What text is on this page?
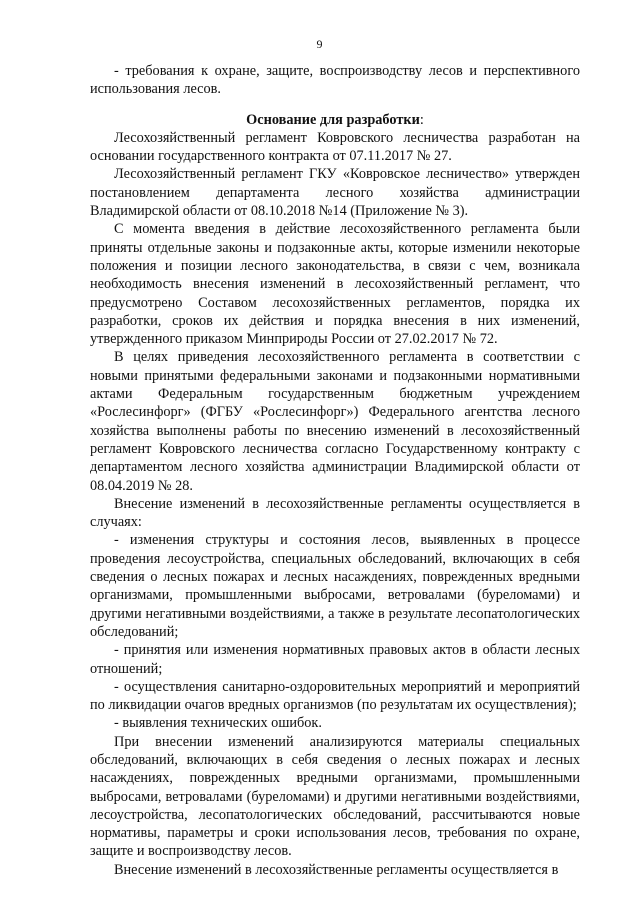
9

- требования к охране, защите, воспроизводству лесов и перспективного использования лесов.

Основание для разработки:

Лесохозяйственный регламент Ковровского лесничества разработан на основании государственного контракта от 07.11.2017 № 27.

Лесохозяйственный регламент ГКУ «Ковровское лесничество» утвержден постановлением департамента лесного хозяйства администрации Владимирской области от 08.10.2018 №14 (Приложение № 3).

С момента введения в действие лесохозяйственного регламента были приняты отдельные законы и подзаконные акты, которые изменили некоторые положения и позиции лесного законодательства, в связи с чем, возникала необходимость внесения изменений в лесохозяйственный регламент, что предусмотрено Составом лесохозяйственных регламентов, порядка их разработки, сроков их действия и порядка внесения в них изменений, утвержденного приказом Минприроды России от 27.02.2017 № 72.

В целях приведения лесохозяйственного регламента в соответствии с новыми принятыми федеральными законами и подзаконными нормативными актами Федеральным государственным бюджетным учреждением «Рослесинфорг» (ФГБУ «Рослесинфорг») Федерального агентства лесного хозяйства выполнены работы по внесению изменений в лесохозяйственный регламент Ковровского лесничества согласно Государственному контракту с департаментом лесного хозяйства администрации Владимирской области от 08.04.2019 № 28.

Внесение изменений в лесохозяйственные регламенты осуществляется в случаях:

- изменения структуры и состояния лесов, выявленных в процессе проведения лесоустройства, специальных обследований, включающих в себя сведения о лесных пожарах и лесных насаждениях, поврежденных вредными организмами, промышленными выбросами, ветровалами (буреломами) и другими негативными воздействиями, а также в результате лесопатологических обследований;

- принятия или изменения нормативных правовых актов в области лесных отношений;

- осуществления санитарно-оздоровительных мероприятий и мероприятий по ликвидации очагов вредных организмов (по результатам их осуществления);

- выявления технических ошибок.

При внесении изменений анализируются материалы специальных обследований, включающих в себя сведения о лесных пожарах и лесных насаждениях, поврежденных вредными организмами, промышленными выбросами, ветровалами (буреломами) и другими негативными воздействиями, лесоустройства, лесопатологических обследований, рассчитываются новые нормативы, параметры и сроки использования лесов, требования по охране, защите и воспроизводству лесов.

Внесение изменений в лесохозяйственные регламенты осуществляется в
